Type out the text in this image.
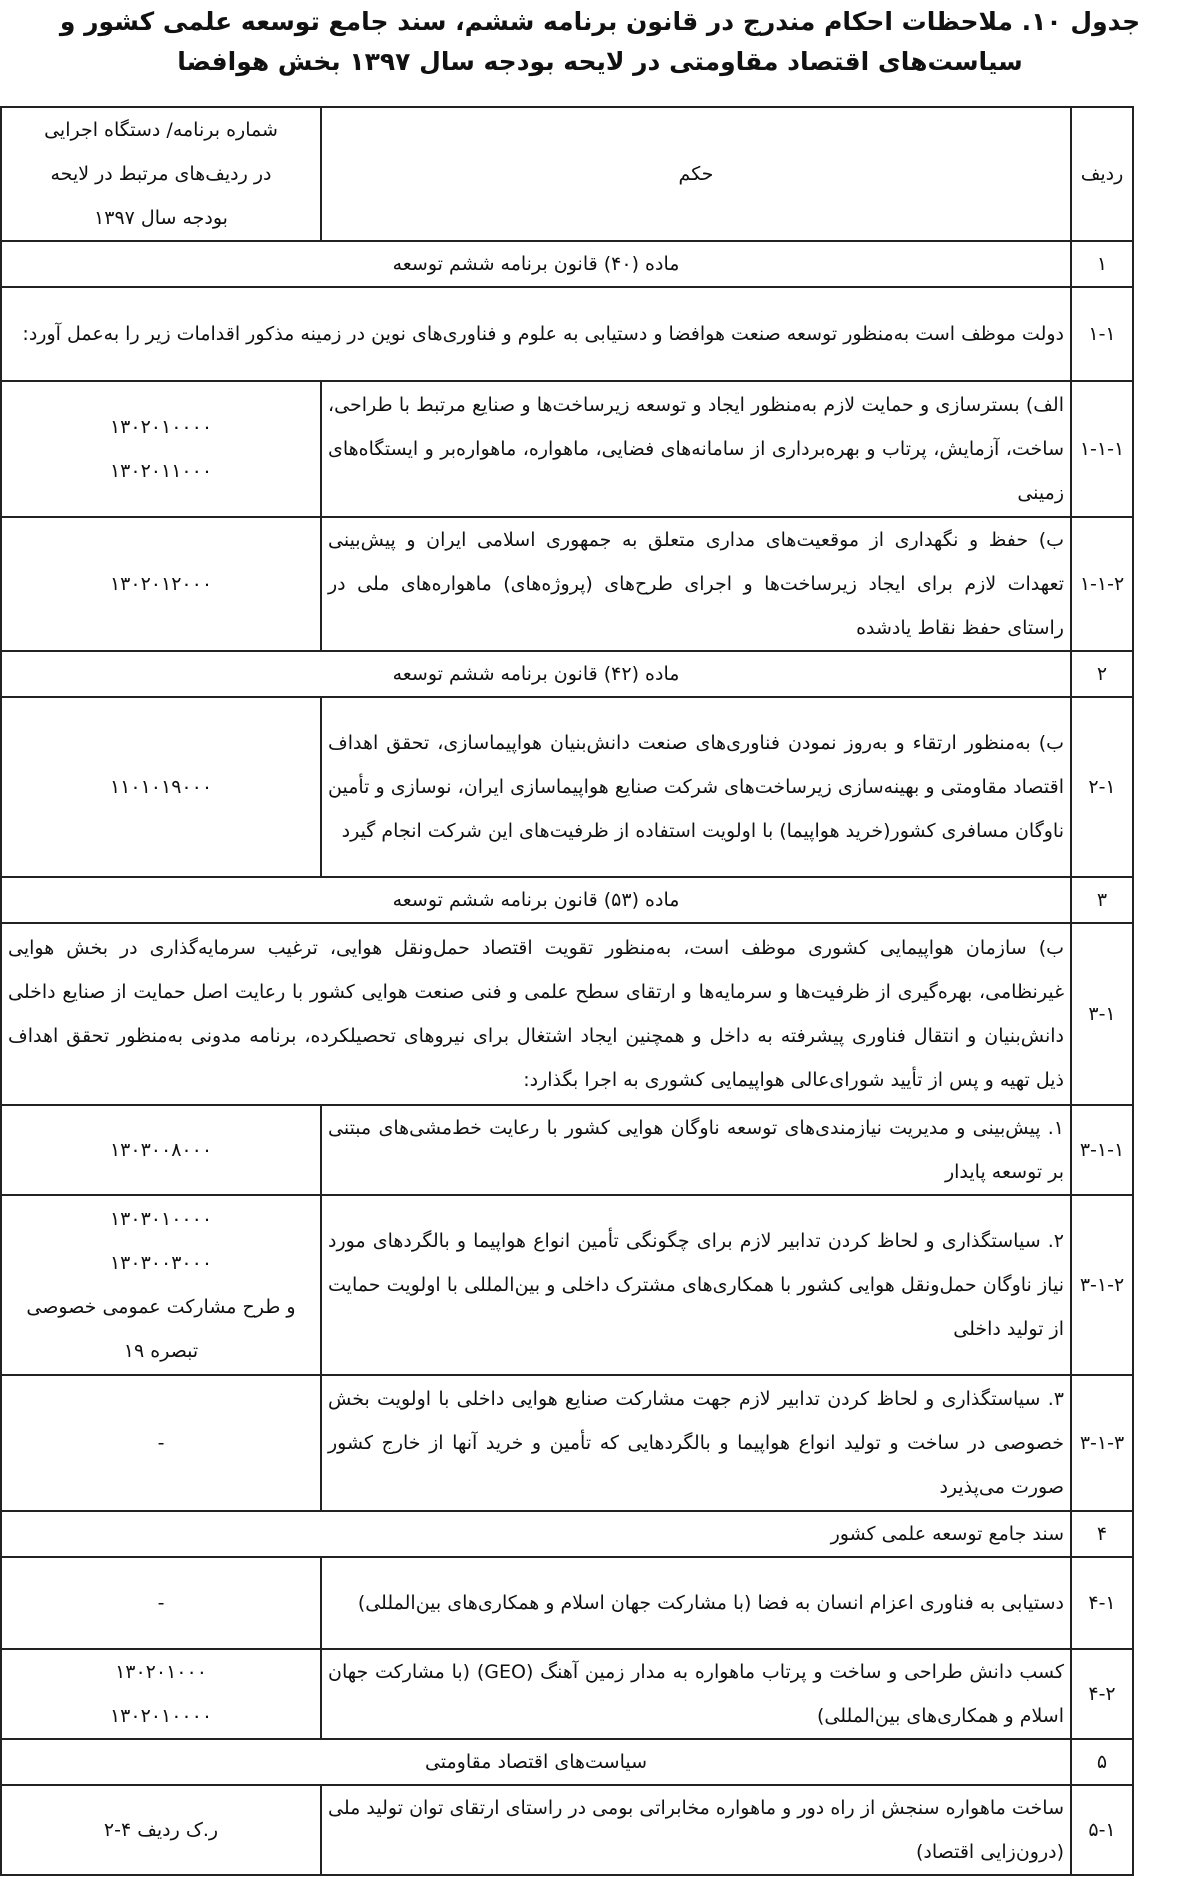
جدول ۱۰. ملاحظات احکام مندرج در قانون برنامه ششم، سند جامع توسعه علمی کشور و
سیاست‌های اقتصاد مقاومتی در لایحه بودجه سال ۱۳۹۷ بخش هوافضا
ردیف	حکم	شماره برنامه/ دستگاه اجرایی
در ردیف‌های مرتبط در لایحه
بودجه سال ۱۳۹۷

۱	ماده (۴۰) قانون برنامه ششم توسعه	
۱-۱	دولت موظف است به‌منظور توسعه صنعت هوافضا و دستیابی به علوم و فناوری‌های نوین در زمینه مذکور اقدامات زیر را به‌عمل آورد:	
۱-۱-۱	الف) بسترسازی و حمایت لازم به‌منظور ایجاد و توسعه زیرساخت‌ها و صنایع مرتبط با طراحی، ساخت، آزمایش، پرتاب و بهره‌برداری از سامانه‌های فضایی، ماهواره، ماهواره‌بر و ایستگاه‌های زمینی	۱۳۰۲۰۱۰۰۰۰
۱۳۰۲۰۱۱۰۰۰

۱-۱-۲	ب) حفظ و نگهداری از موقعیت‌های مداری متعلق به جمهوری اسلامی ایران و پیش‌بینی تعهدات لازم برای ایجاد زیرساخت‌ها و اجرای طرح‌های (پروژه‌های) ماهواره‌های ملی در راستای حفظ نقاط یادشده	۱۳۰۲۰۱۲۰۰۰

۲	ماده (۴۲) قانون برنامه ششم توسعه	
۲-۱	ب) به‌منظور ارتقاء و به‌روز نمودن فناوری‌های صنعت دانش‌بنیان هواپیماسازی، تحقق اهداف اقتصاد مقاومتی و بهینه‌سازی زیرساخت‌های شرکت صنایع هواپیماسازی ایران، نوسازی و تأمین ناوگان مسافری کشور(خرید هواپیما) با اولویت استفاده از ظرفیت‌های این شرکت انجام گیرد	۱۱۰۱۰۱۹۰۰۰

۳	ماده (۵۳) قانون برنامه ششم توسعه	
۳-۱	ب) سازمان هواپیمایی کشوری موظف است، به‌منظور تقویت اقتصاد حمل‌ونقل هوایی، ترغیب سرمایه‌گذاری در بخش هوایی غیرنظامی، بهره‌گیری از ظرفیت‌ها و سرمایه‌ها و ارتقای سطح علمی و فنی صنعت هوایی کشور با رعایت اصل حمایت از صنایع داخلی دانش‌بنیان و انتقال فناوری پیشرفته به داخل و همچنین ایجاد اشتغال برای نیروهای تحصیلکرده، برنامه مدونی به‌منظور تحقق اهداف ذیل تهیه و پس از تأیید شورای‌عالی هواپیمایی کشوری به اجرا بگذارد:	
۳-۱-۱	۱. پیش‌بینی و مدیریت نیازمندی‌های توسعه ناوگان هوایی کشور با رعایت خط‌مشی‌های مبتنی بر توسعه پایدار	۱۳۰۳۰۰۸۰۰۰

۳-۱-۲	۲. سیاستگذاری و لحاظ کردن تدابیر لازم برای چگونگی تأمین انواع هواپیما و بالگردهای مورد نیاز ناوگان حمل‌ونقل هوایی کشور با همکاری‌های مشترک داخلی و بین‌المللی با اولویت حمایت از تولید داخلی	۱۳۰۳۰۱۰۰۰۰
۱۳۰۳۰۰۳۰۰۰
و طرح مشارکت عمومی خصوصی
تبصره ۱۹

۳-۱-۳	۳. سیاستگذاری و لحاظ کردن تدابیر لازم جهت مشارکت صنایع هوایی داخلی با اولویت بخش خصوصی در ساخت و تولید انواع هواپیما و بالگردهایی که تأمین و خرید آنها از خارج کشور صورت می‌پذیرد	-

۴	سند جامع توسعه علمی کشور	
۴-۱	دستیابی به فناوری اعزام انسان به فضا (با مشارکت جهان اسلام و همکاری‌های بین‌المللی)	-

۴-۲	کسب دانش طراحی و ساخت و پرتاب ماهواره به مدار زمین آهنگ (GEO) (با مشارکت جهان اسلام و همکاری‌های بین‌المللی)	۱۳۰۲۰۱۰۰۰
۱۳۰۲۰۱۰۰۰۰

۵	سیاست‌های اقتصاد مقاومتی	
۵-۱	ساخت ماهواره سنجش از راه دور و ماهواره مخابراتی بومی در راستای ارتقای توان تولید ملی (درون‌زایی اقتصاد)	ر.ک ردیف ۴-۲
